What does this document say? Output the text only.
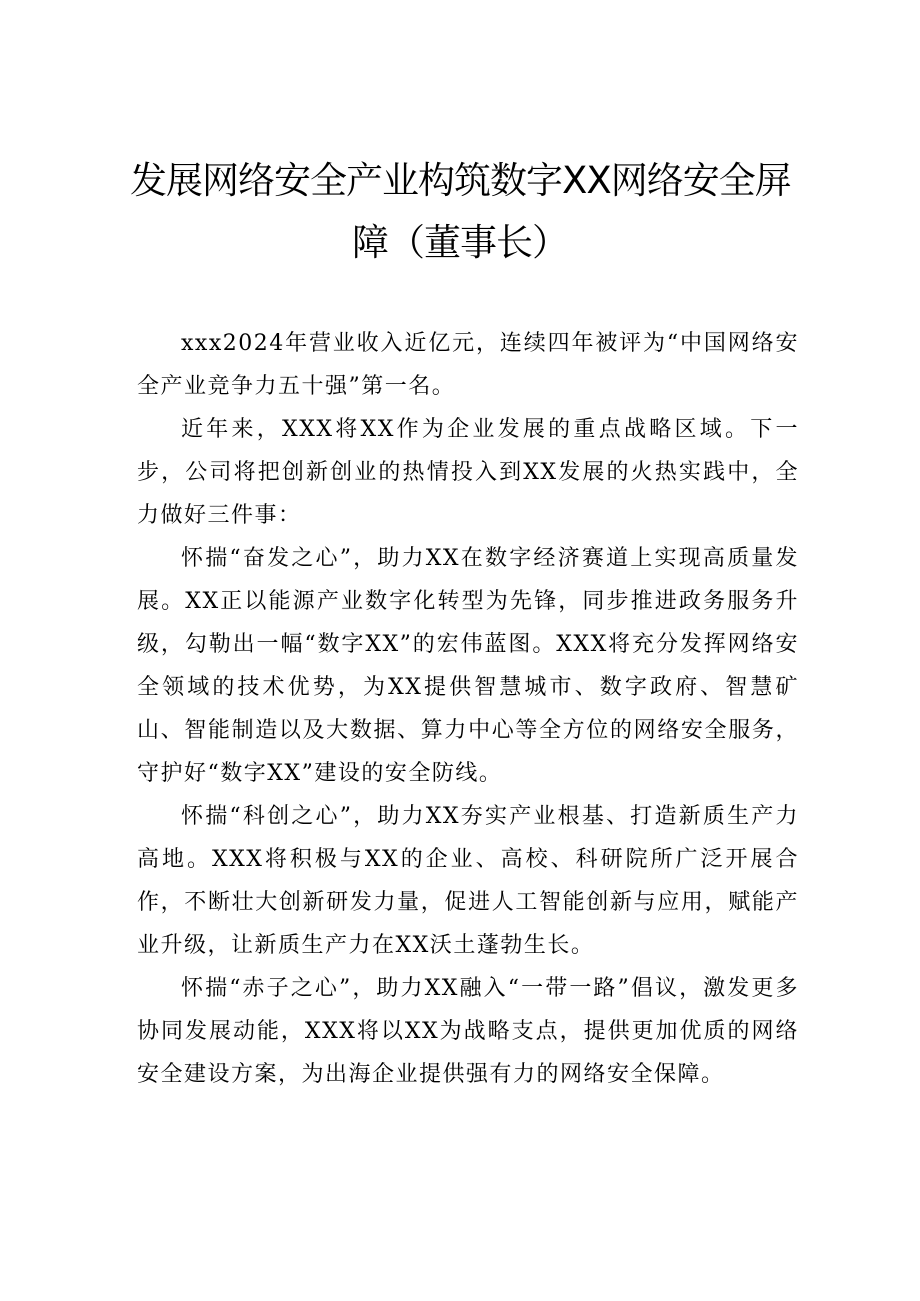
发展网络安全产业构筑数字XX网络安全屏
障（董事长）

xxx2024年营业收入近亿元，连续四年被评为“中国网络安全产业竞争力五十强”第一名。

近年来，XXX将XX作为企业发展的重点战略区域。下一步，公司将把创新创业的热情投入到XX发展的火热实践中，全力做好三件事：

怀揣“奋发之心”，助力XX在数字经济赛道上实现高质量发展。XX正以能源产业数字化转型为先锋，同步推进政务服务升级，勾勒出一幅“数字XX”的宏伟蓝图。XXX将充分发挥网络安全领域的技术优势，为XX提供智慧城市、数字政府、智慧矿山、智能制造以及大数据、算力中心等全方位的网络安全服务，守护好“数字XX”建设的安全防线。

怀揣“科创之心”，助力XX夯实产业根基、打造新质生产力高地。XXX将积极与XX的企业、高校、科研院所广泛开展合作，不断壮大创新研发力量，促进人工智能创新与应用，赋能产业升级，让新质生产力在XX沃土蓬勃生长。

怀揣“赤子之心”，助力XX融入“一带一路”倡议，激发更多协同发展动能，XXX将以XX为战略支点，提供更加优质的网络安全建设方案，为出海企业提供强有力的网络安全保障。
